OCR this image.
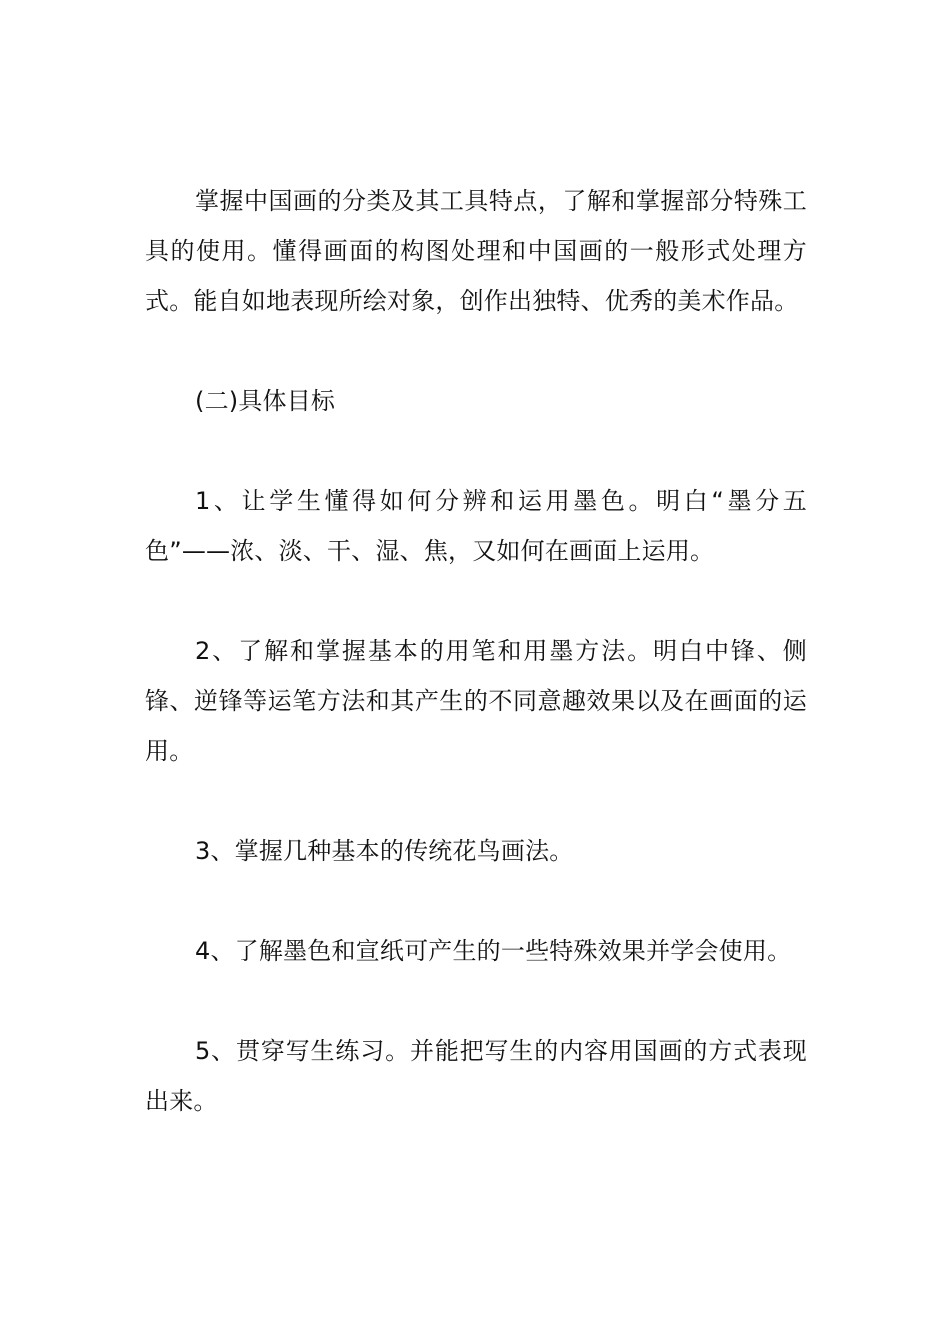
掌握中国画的分类及其工具特点，了解和掌握部分特殊工具的使用。懂得画面的构图处理和中国画的一般形式处理方式。能自如地表现所绘对象，创作出独特、优秀的美术作品。

(二)具体目标

1、让学生懂得如何分辨和运用墨色。明白“墨分五色”——浓、淡、干、湿、焦，又如何在画面上运用。

2、了解和掌握基本的用笔和用墨方法。明白中锋、侧锋、逆锋等运笔方法和其产生的不同意趣效果以及在画面的运用。

3、掌握几种基本的传统花鸟画法。

4、了解墨色和宣纸可产生的一些特殊效果并学会使用。

5、贯穿写生练习。并能把写生的内容用国画的方式表现出来。
